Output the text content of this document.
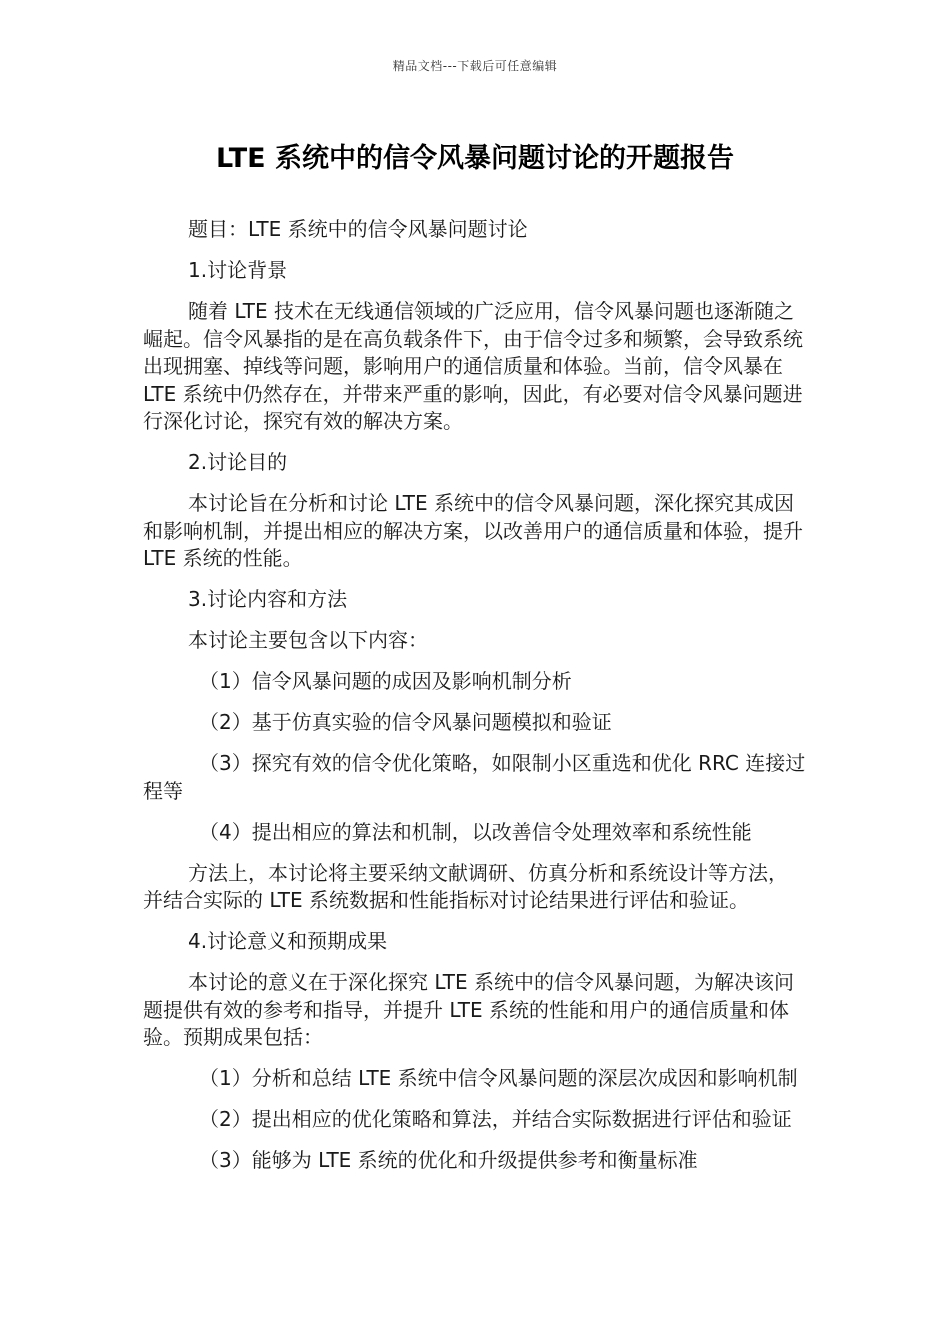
精品文档---下载后可任意编辑
LTE 系统中的信令风暴问题讨论的开题报告

题目：LTE 系统中的信令风暴问题讨论

1.讨论背景

随着 LTE 技术在无线通信领域的广泛应用，信令风暴问题也逐渐随之崛起。信令风暴指的是在高负载条件下，由于信令过多和频繁，会导致系统出现拥塞、掉线等问题，影响用户的通信质量和体验。当前，信令风暴在 LTE 系统中仍然存在，并带来严重的影响，因此，有必要对信令风暴问题进行深化讨论，探究有效的解决方案。

2.讨论目的

本讨论旨在分析和讨论 LTE 系统中的信令风暴问题，深化探究其成因和影响机制，并提出相应的解决方案，以改善用户的通信质量和体验，提升 LTE 系统的性能。

3.讨论内容和方法

本讨论主要包含以下内容：

（1）信令风暴问题的成因及影响机制分析

（2）基于仿真实验的信令风暴问题模拟和验证

（3）探究有效的信令优化策略，如限制小区重选和优化 RRC 连接过程等

（4）提出相应的算法和机制，以改善信令处理效率和系统性能

方法上，本讨论将主要采纳文献调研、仿真分析和系统设计等方法，并结合实际的 LTE 系统数据和性能指标对讨论结果进行评估和验证。

4.讨论意义和预期成果

本讨论的意义在于深化探究 LTE 系统中的信令风暴问题，为解决该问题提供有效的参考和指导，并提升 LTE 系统的性能和用户的通信质量和体验。预期成果包括：

（1）分析和总结 LTE 系统中信令风暴问题的深层次成因和影响机制

（2）提出相应的优化策略和算法，并结合实际数据进行评估和验证

（3）能够为 LTE 系统的优化和升级提供参考和衡量标准
